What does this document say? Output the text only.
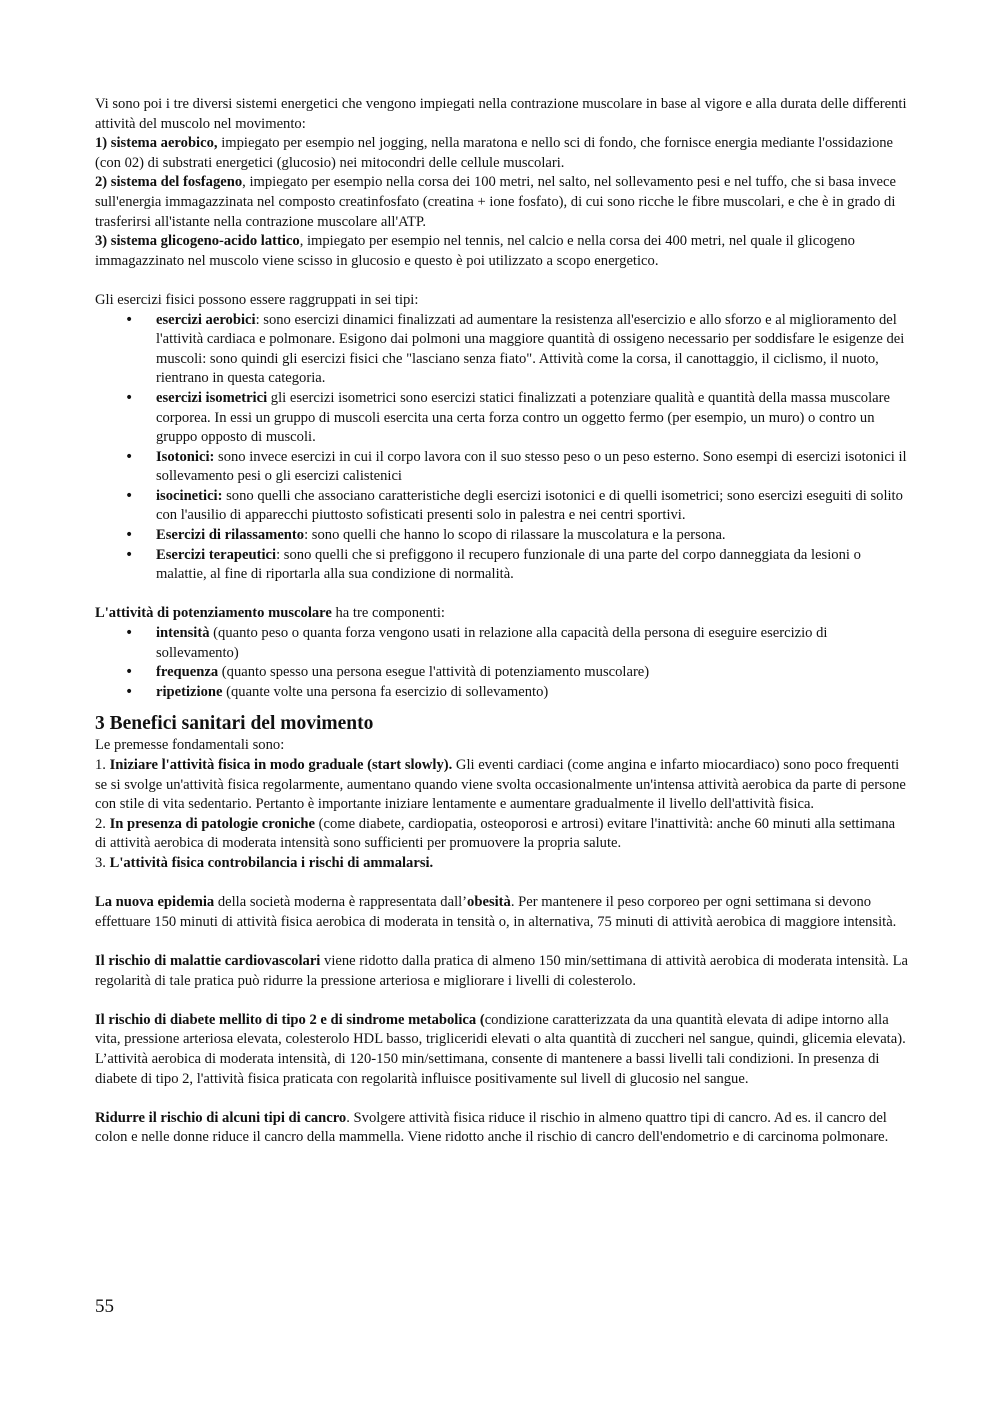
Vi sono poi i tre diversi sistemi energetici che vengono impiegati nella contrazione muscolare in base al vigore e alla durata delle differenti attività del muscolo nel movimento:
1) sistema aerobico, impiegato per esempio nel jogging, nella maratona e nello sci di fondo, che fornisce energia mediante l'ossidazione (con 02) di substrati energetici (glucosio) nei mitocondri delle cellule muscolari.
2) sistema del fosfageno, impiegato per esempio nella corsa dei 100 metri, nel salto, nel sollevamento pesi e nel tuffo, che si basa invece sull'energia immagazzinata nel composto creatinfosfato (creatina + ione fosfato), di cui sono ricche le fibre muscolari, e che è in grado di trasferirsi all'istante nella contrazione muscolare all'ATP.
3) sistema glicogeno-acido lattico, impiegato per esempio nel tennis, nel calcio e nella corsa dei 400 metri, nel quale il glicogeno immagazzinato nel muscolo viene scisso in glucosio e questo è poi utilizzato a scopo energetico.

Gli esercizi fisici possono essere raggruppati in sei tipi:

• esercizi aerobici: sono esercizi dinamici finalizzati ad aumentare la resistenza all'esercizio e allo sforzo e al miglioramento del l'attività cardiaca e polmonare. Esigono dai polmoni una maggiore quantità di ossigeno necessario per soddisfare le esigenze dei muscoli: sono quindi gli esercizi fisici che "lasciano senza fiato". Attività come la corsa, il canottaggio, il ciclismo, il nuoto, rientrano in questa categoria.
• esercizi isometrici gli esercizi isometrici sono esercizi statici finalizzati a potenziare qualità e quantità della massa muscolare corporea. In essi un gruppo di muscoli esercita una certa forza contro un oggetto fermo (per esempio, un muro) o contro un gruppo opposto di muscoli.
• Isotonici: sono invece esercizi in cui il corpo lavora con il suo stesso peso o un peso esterno. Sono esempi di esercizi isotonici il sollevamento pesi o gli esercizi calistenici
• isocinetici: sono quelli che associano caratteristiche degli esercizi isotonici e di quelli isometrici; sono esercizi eseguiti di solito con l'ausilio di apparecchi piuttosto sofisticati presenti solo in palestra e nei centri sportivi.
• Esercizi di rilassamento: sono quelli che hanno lo scopo di rilassare la muscolatura e la persona.
• Esercizi terapeutici: sono quelli che si prefiggono il recupero funzionale di una parte del corpo danneggiata da lesioni o malattie, al fine di riportarla alla sua condizione di normalità.

L'attività di potenziamento muscolare ha tre componenti:

• intensità (quanto peso o quanta forza vengono usati in relazione alla capacità della persona di eseguire esercizio di sollevamento)
• frequenza (quanto spesso una persona esegue l'attività di potenziamento muscolare)
• ripetizione (quante volte una persona fa esercizio di sollevamento)
3 Benefici sanitari del movimento

Le premesse fondamentali sono:
1. Iniziare l'attività fisica in modo graduale (start slowly). Gli eventi cardiaci (come angina e infarto miocardiaco) sono poco frequenti se si svolge un'attività fisica regolarmente, aumentano quando viene svolta occasionalmente un'intensa attività aerobica da parte di persone con stile di vita sedentario. Pertanto è importante iniziare lentamente e aumentare gradualmente il livello dell'attività fisica.
2. In presenza di patologie croniche (come diabete, cardiopatia, osteoporosi e artrosi) evitare l'inattività: anche 60 minuti alla settimana di attività aerobica di moderata intensità sono sufficienti per promuovere la propria salute.
3. L'attività fisica controbilancia i rischi di ammalarsi.

La nuova epidemia della società moderna è rappresentata dall’obesità. Per mantenere il peso corporeo per ogni settimana si devono effettuare 150 minuti di attività fisica aerobica di moderata in tensità o, in alternativa, 75 minuti di attività aerobica di maggiore intensità.

Il rischio di malattie cardiovascolari viene ridotto dalla pratica di almeno 150 min/settimana di attività aerobica di moderata intensità. La regolarità di tale pratica può ridurre la pressione arteriosa e migliorare i livelli di colesterolo.

Il rischio di diabete mellito di tipo 2 e di sindrome metabolica (condizione caratterizzata da una quantità elevata di adipe intorno alla vita, pressione arteriosa elevata, colesterolo HDL basso, trigliceridi elevati o alta quantità di zuccheri nel sangue, quindi, glicemia elevata). L’attività aerobica di moderata intensità, di 120-150 min/settimana, consente di mantenere a bassi livelli tali condizioni. In presenza di diabete di tipo 2, l'attività fisica praticata con regolarità influisce positivamente sul livell di glucosio nel sangue.

Ridurre il rischio di alcuni tipi di cancro. Svolgere attività fisica riduce il rischio in almeno quattro tipi di cancro. Ad es. il cancro del colon e nelle donne riduce il cancro della mammella. Viene ridotto anche il rischio di cancro dell'endometrio e di carcinoma polmonare.

55
